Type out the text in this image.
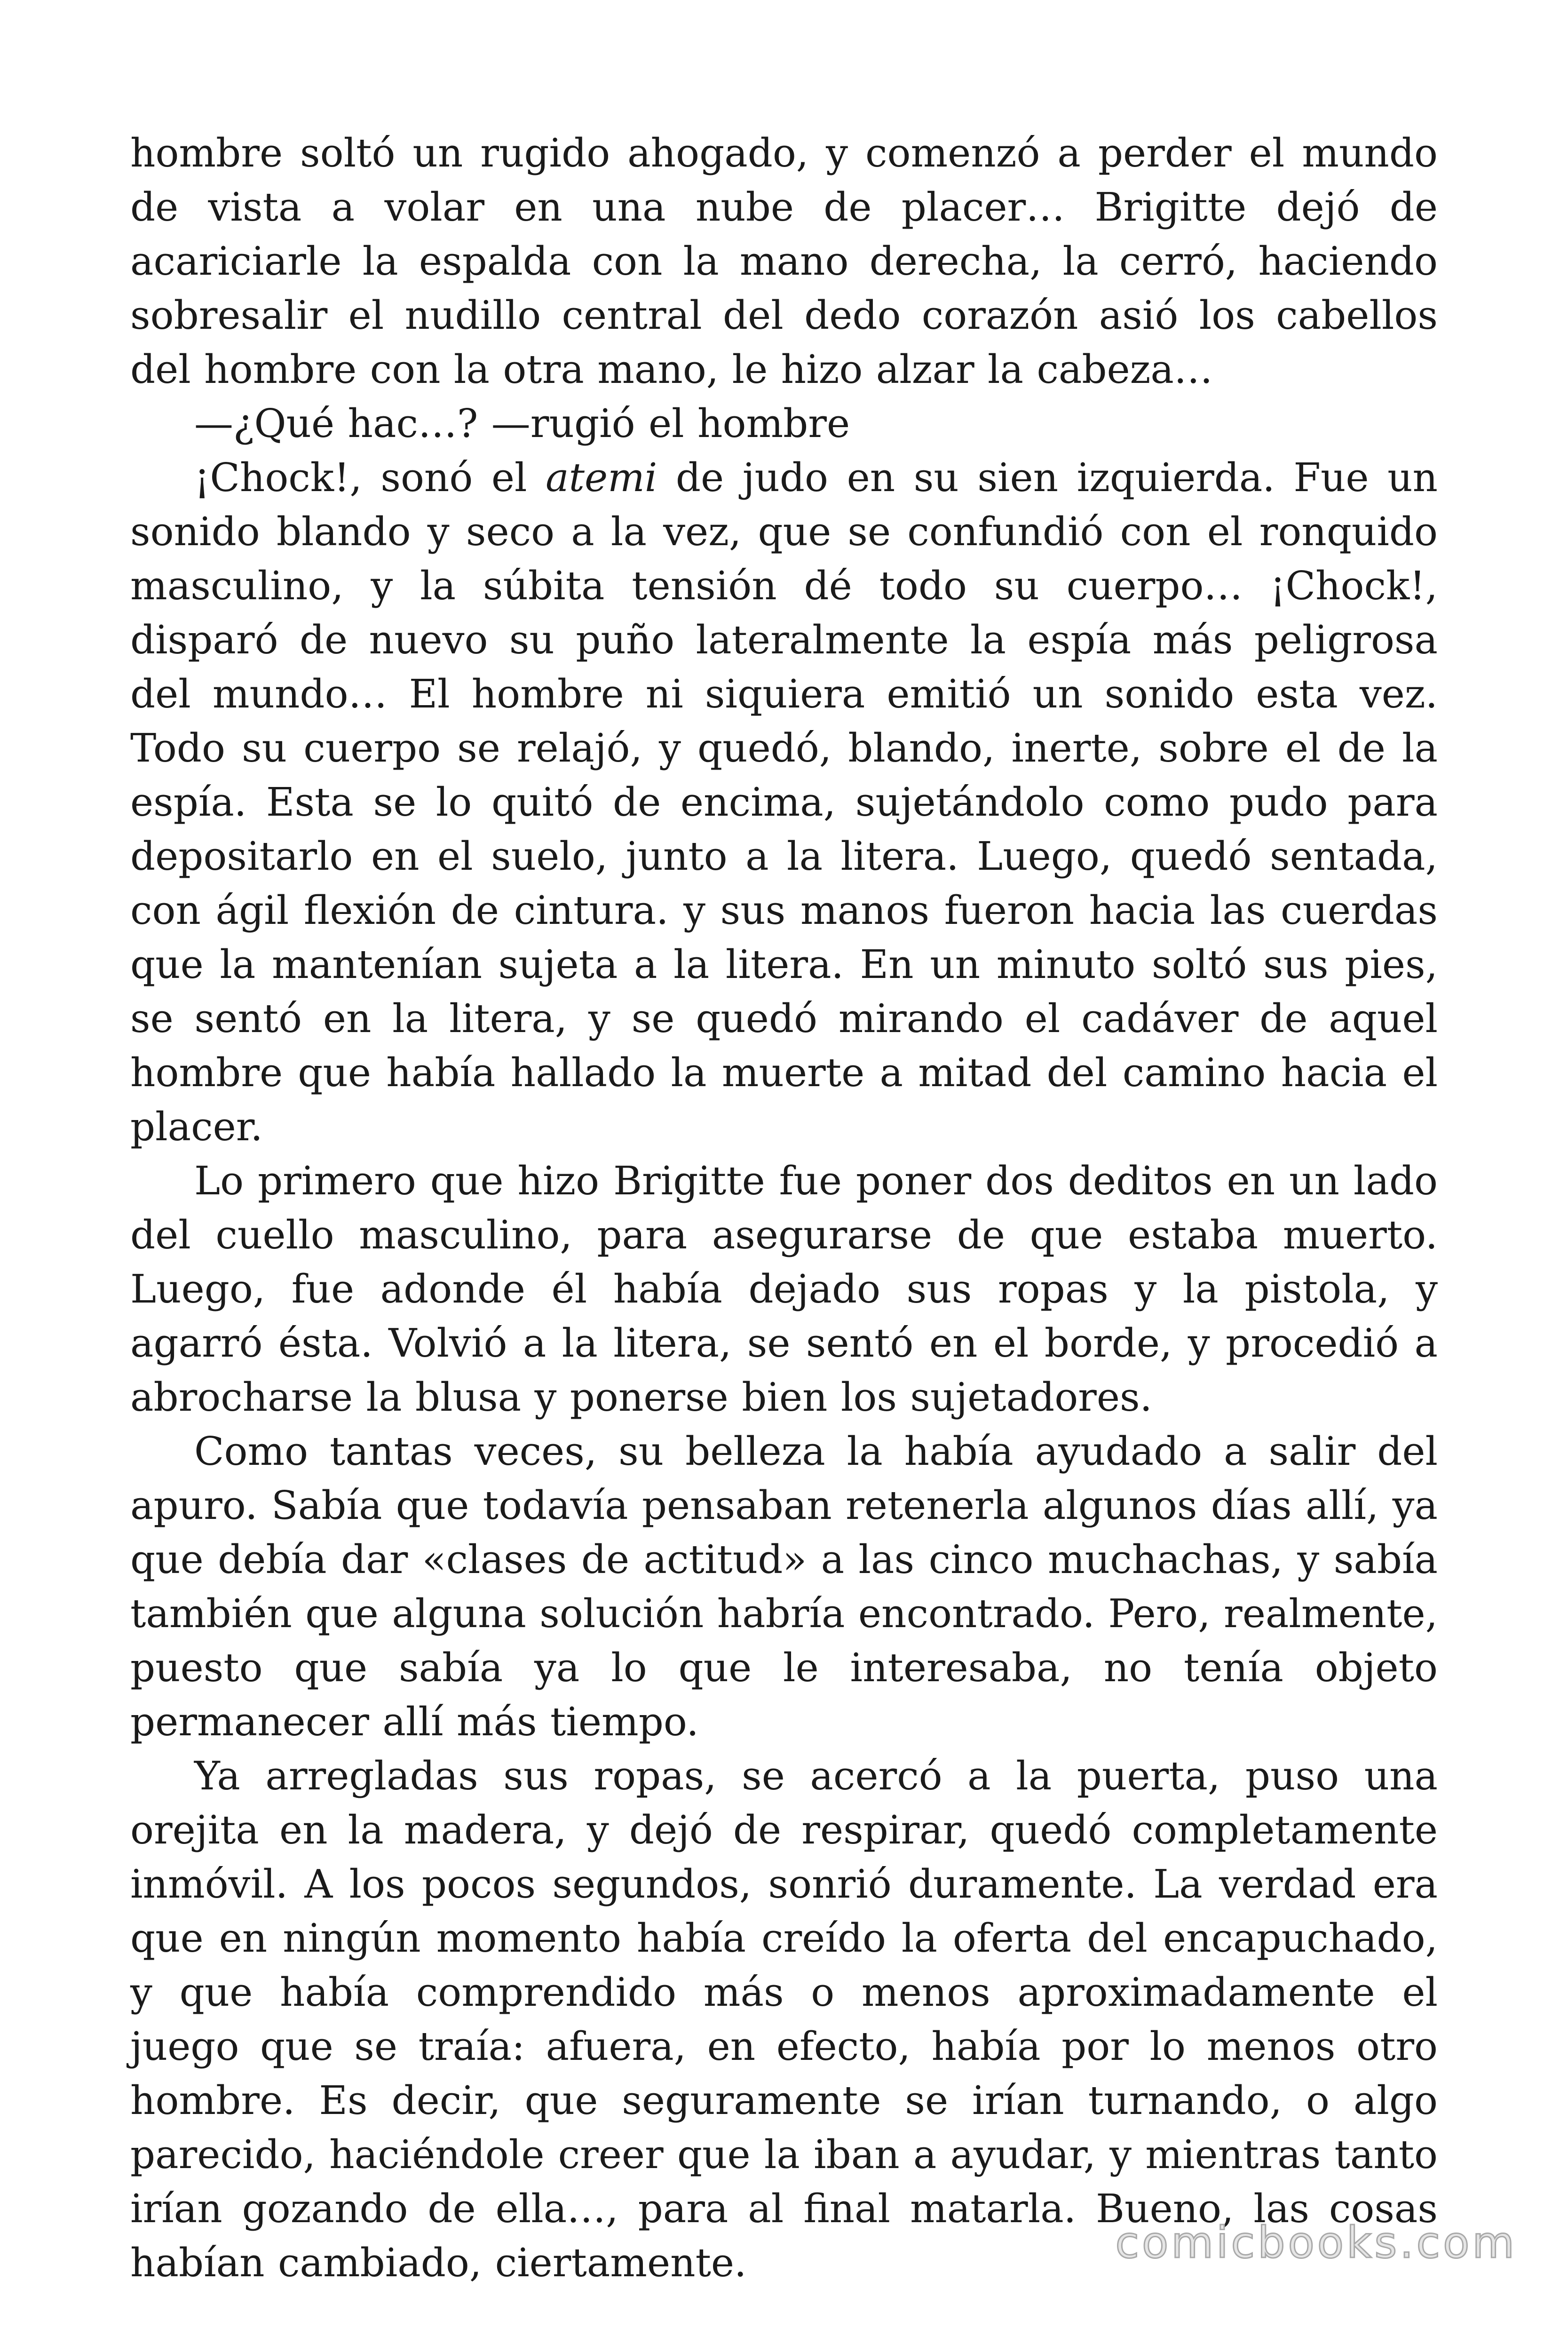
hombre soltó un rugido ahogado, y comenzó a perder el mundo de vista a volar en una nube de placer… Brigitte dejó de acariciarle la espalda con la mano derecha, la cerró, haciendo sobresalir el nudillo central del dedo corazón asió los cabellos del hombre con la otra mano, le hizo alzar la cabeza…

—¿Qué hac…? —rugió el hombre

¡Chock!, sonó el atemi de judo en su sien izquierda. Fue un sonido blando y seco a la vez, que se confundió con el ronquido masculino, y la súbita tensión dé todo su cuerpo… ¡Chock!, disparó de nuevo su puño lateralmente la espía más peligrosa del mundo… El hombre ni siquiera emitió un sonido esta vez. Todo su cuerpo se relajó, y quedó, blando, inerte, sobre el de la espía. Esta se lo quitó de encima, sujetándolo como pudo para depositarlo en el suelo, junto a la litera. Luego, quedó sentada, con ágil flexión de cintura. y sus manos fueron hacia las cuerdas que la mantenían sujeta a la litera. En un minuto soltó sus pies, se sentó en la litera, y se quedó mirando el cadáver de aquel hombre que había hallado la muerte a mitad del camino hacia el placer.

Lo primero que hizo Brigitte fue poner dos deditos en un lado del cuello masculino, para asegurarse de que estaba muerto. Luego, fue adonde él había dejado sus ropas y la pistola, y agarró ésta. Volvió a la litera, se sentó en el borde, y procedió a abrocharse la blusa y ponerse bien los sujetadores.

Como tantas veces, su belleza la había ayudado a salir del apuro. Sabía que todavía pensaban retenerla algunos días allí, ya que debía dar «clases de actitud» a las cinco muchachas, y sabía también que alguna solución habría encontrado. Pero, realmente, puesto que sabía ya lo que le interesaba, no tenía objeto permanecer allí más tiempo.

Ya arregladas sus ropas, se acercó a la puerta, puso una orejita en la madera, y dejó de respirar, quedó completamente inmóvil. A los pocos segundos, sonrió duramente. La verdad era que en ningún momento había creído la oferta del encapuchado, y que había comprendido más o menos aproximadamente el juego que se traía: afuera, en efecto, había por lo menos otro hombre. Es decir, que seguramente se irían turnando, o algo parecido, haciéndole creer que la iban a ayudar, y mientras tanto irían gozando de ella…, para al final matarla. Bueno, las cosas habían cambiado, ciertamente.	comicbooks.com
